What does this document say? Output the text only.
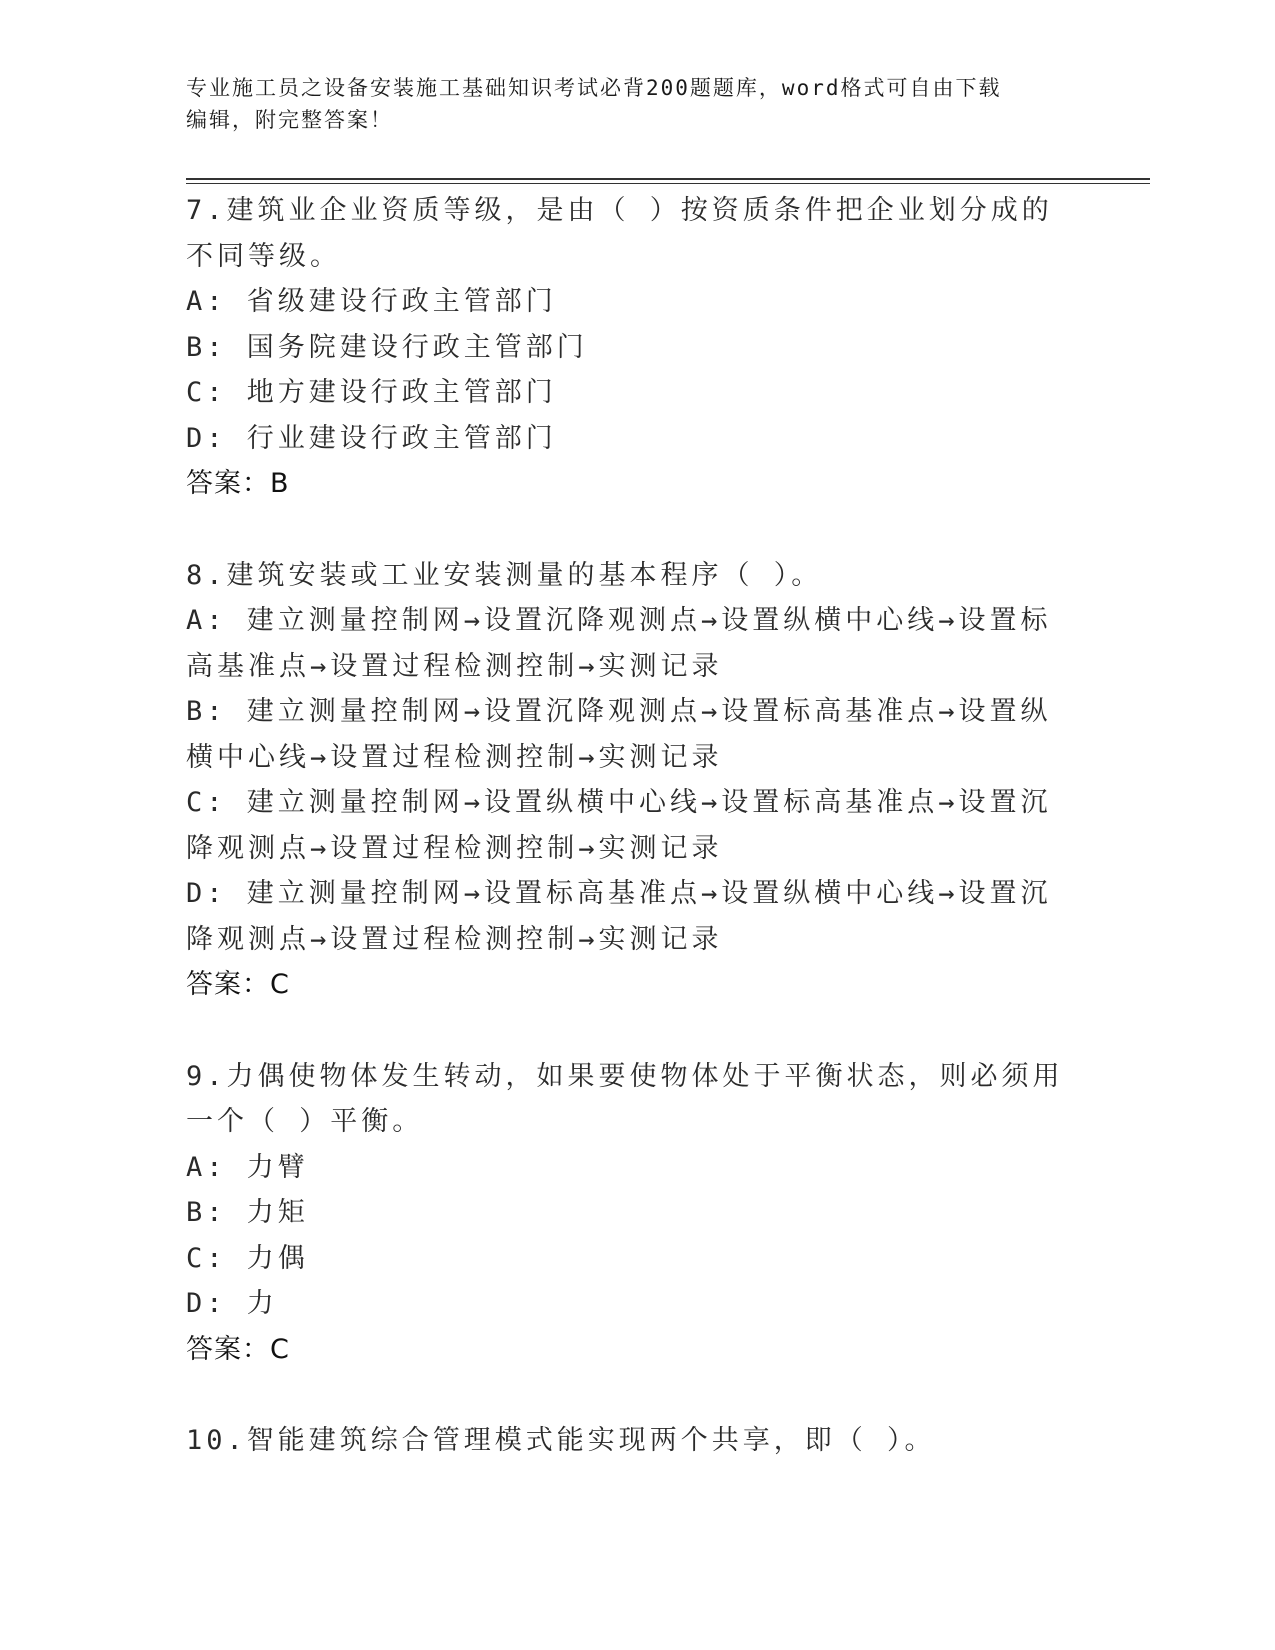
专业施工员之设备安装施工基础知识考试必背200题题库，word格式可自由下载
编辑，附完整答案！
7.建筑业企业资质等级，是由（ ）按资质条件把企业划分成的不同等级。
A: 省级建设行政主管部门
B: 国务院建设行政主管部门
C: 地方建设行政主管部门
D: 行业建设行政主管部门
答案：B
8.建筑安装或工业安装测量的基本程序（ ）。
A: 建立测量控制网→设置沉降观测点→设置纵横中心线→设置标高基准点→设置过程检测控制→实测记录
B: 建立测量控制网→设置沉降观测点→设置标高基准点→设置纵横中心线→设置过程检测控制→实测记录
C: 建立测量控制网→设置纵横中心线→设置标高基准点→设置沉降观测点→设置过程检测控制→实测记录
D: 建立测量控制网→设置标高基准点→设置纵横中心线→设置沉降观测点→设置过程检测控制→实测记录
答案：C
9.力偶使物体发生转动，如果要使物体处于平衡状态，则必须用一个（ ）平衡。
A: 力臂
B: 力矩
C: 力偶
D: 力
答案：C
10.智能建筑综合管理模式能实现两个共享，即（ ）。
